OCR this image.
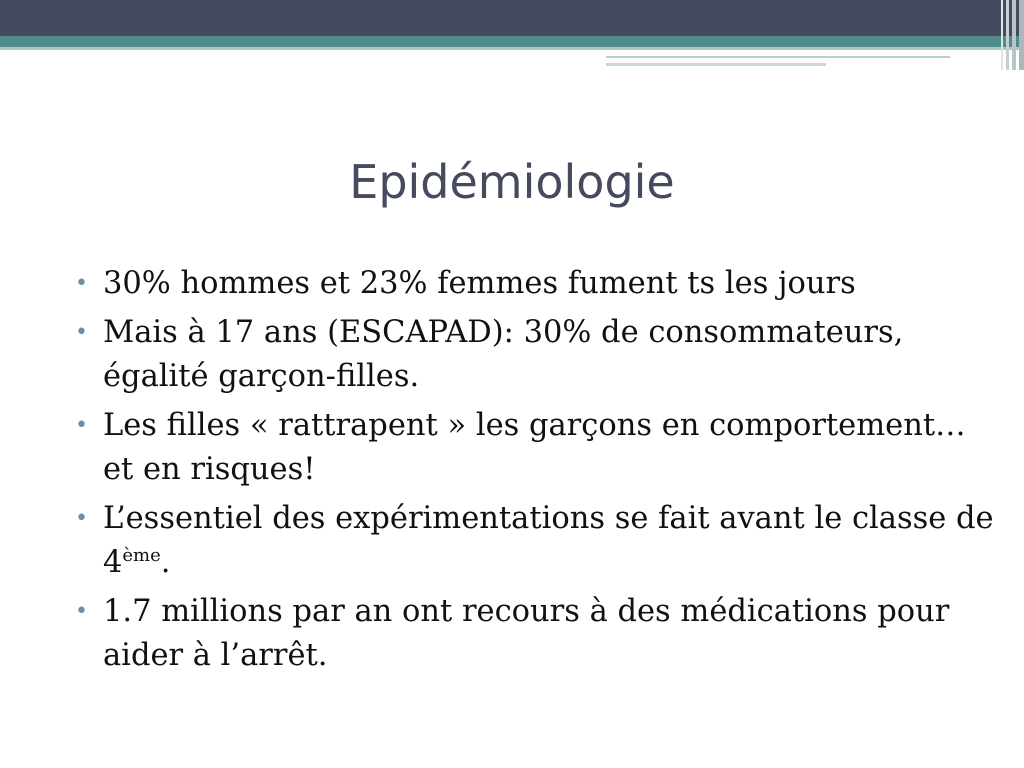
Epidémiologie
• 30% hommes et 23% femmes fument ts les jours
• Mais à 17 ans (ESCAPAD): 30% de consommateurs, égalité garçon-filles.
• Les filles « rattrapent » les garçons en comportement… et en risques!
• L’essentiel des expérimentations se fait avant le classe de 4ème.
• 1.7 millions par an ont recours à des médications pour aider à l’arrêt.
